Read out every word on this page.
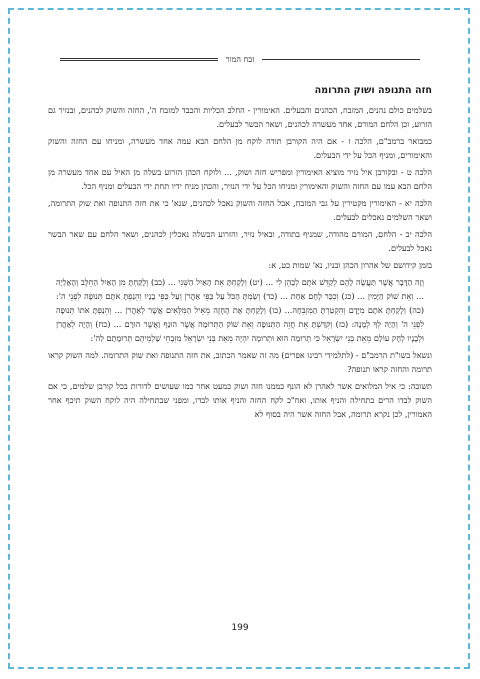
זבח המור
חזה התנופה ושוק התרומה

בשלמים כולם נהנים, המזבח, הכהנים והבעלים. האימורין - החלב הכליות והכבד למזבח ה', החזה והשוק לכהנים, ובנזיר גם הזרוע, וכן הלחם המורם, אחד מעשרה לכהנים, ושאר הבשר לבעלים.

כמבואר ברמב"ם, הלכה ז - אם היה הקורבן תודה לוקח מן הלחם הבא עמה אחד מעשרה, ומניחו עם החזה והשוק והאימורים, ומניף הכל על ידי הבעלים.

הלכה ט - ובקורבן איל נזיר מוציא האימורין ומפריש חזה ושוק, ... ולוקח הכהן הזרוע בשלה מן האיל עם אחד מעשרה מן הלחם הבא עמו עם החזה והשוק והאימורין ומניחו הכל על ידי הנזיר, והכהן מניח ידיו תחת ידי הבעלים ומניף הכל.

הלכה יא - האימורין מקטירין על גבי המזבח, אבל החזה והשוק נאכל לכהנים, שנא' כי את חזה התנופה ואת שוק התרומה, ושאר השלמים נאכלים לבעלים.

הלכה יב - הלחם, המורם מהודה, שמניף בתודה, ובאיל נזיר, והזרוע הבשלה נאכלין לכהנים, ושאר הלחם עם שאר הבשר נאכל לבעלים.

בזמן קידושם של אהרון הכהן ובניו, נא' שמות כט, א:

וְזֶה הַדָּבָר אֲשֶׁר תַּעֲשֶׂה לָהֶם לְקַדֵּשׁ אֹתָם לְכַהֵן לִי ... (יט) וְלָקַחְתָּ אֵת הָאַיִל הַשֵּׁנִי ... (כב) וְלָקַחְתָּ מִן הָאַיִל הַחֵלֶב וְהָאַלְיָה ... וְאֵת שׁוֹק הַיָּמִין ... (כג) וְכִכַּר לֶחֶם אַחַת ... (כד) וְשַׂמְתָּ הַכֹּל עַל כַּפֵּי אַהֲרֹן וְעַל כַּפֵּי בָנָיו וְהֵנַפְתָּ אֹתָם תְּנוּפָה לִפְנֵי ה': (כה) וְלָקַחְתָּ אֹתָם מִיָּדָם וְהִקְטַרְתָּ הַמִּזְבֵּחָה... (כו) וְלָקַחְתָּ אֶת הֶחָזֶה מֵאֵיל הַמִּלֻּאִים אֲשֶׁר לְאַהֲרֹן ... וְהֵנַפְתָּ אֹתוֹ תְּנוּפָה לִפְנֵי ה' וְהָיָה לְךָ לְמָנָה: (כז) וְקִדַּשְׁתָּ אֵת חֲזֵה הַתְּנוּפָה וְאֵת שׁוֹק הַתְּרוּמָה אֲשֶׁר הוּנַף וַאֲשֶׁר הוּרָם ... (כח) וְהָיָה לְאַהֲרֹן וּלְבָנָיו לְחָק עוֹלָם מֵאֵת בְּנֵי יִשְׂרָאֵל כִּי תְרוּמָה הוּא וּתְרוּמָה יִהְיֶה מֵאֵת בְּנֵי יִשְׂרָאֵל מִזִּבְחֵי שַׁלְמֵיהֶם תְּרוּמָתָם לַה':

ונשאל בשו"ת הרמב"ם - (לתלמידי רבינו אפרים) מה זה שאמר הכתוב, את חזה התנופה ואת שוק התרומה. למה השוק קראו תרומה והחזה קראו תנופה?

תשובה: כי איל המלואים אשר לאהרן לא הונף כממנו חזה ושוק כמעט אחר כמו שעושים לדורות בכל קורבן שלמים, כי אם השוק לבדו הרים בתחילה והניף אותו, ואח"כ לקח החזה והניף אותו לבדו, ומפני שבתחילה היה לוקח השוק תיכף אחר האמורין, לכן נקרא תרומה, אבל החזה אשר היה בסוף לא

199
